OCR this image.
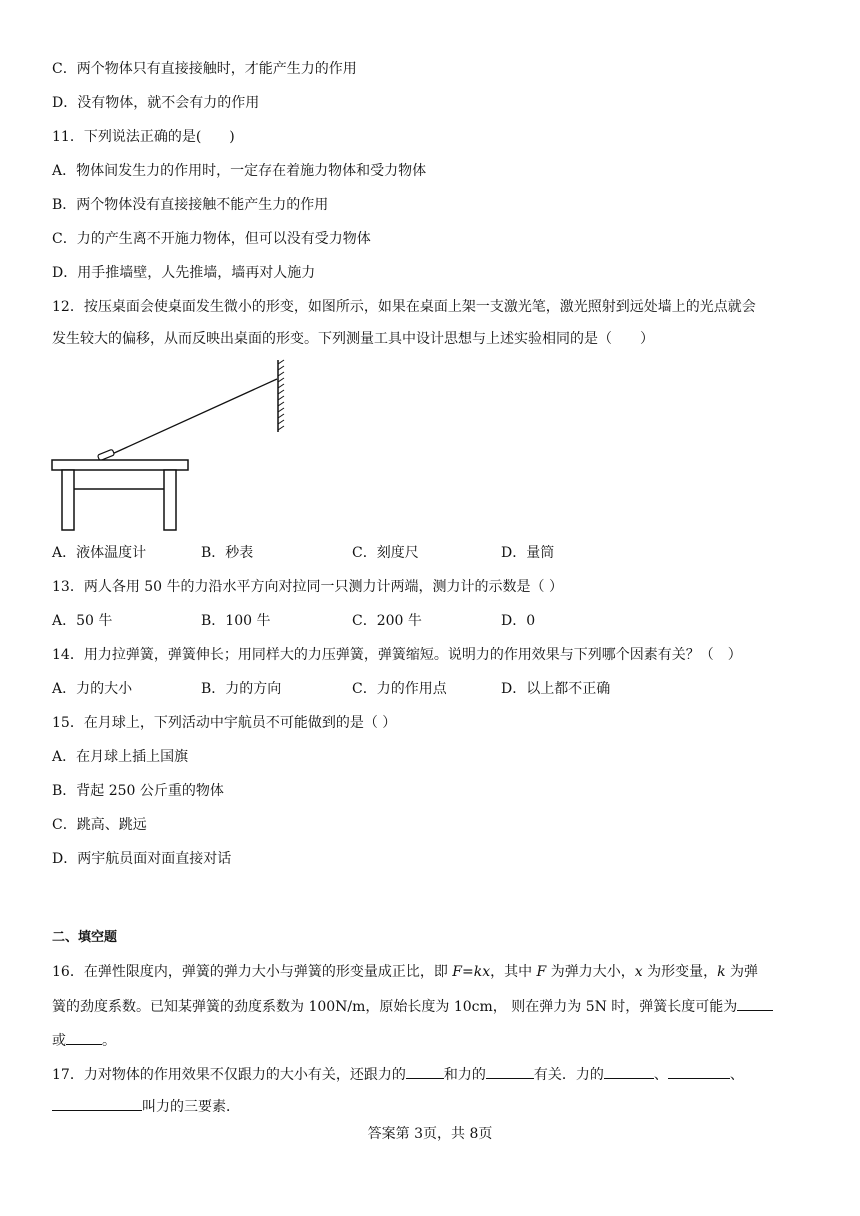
C．两个物体只有直接接触时，才能产生力的作用
D．没有物体，就不会有力的作用
11．下列说法正确的是(　　)
A．物体间发生力的作用时，一定存在着施力物体和受力物体
B．两个物体没有直接接触不能产生力的作用
C．力的产生离不开施力物体，但可以没有受力物体
D．用手推墙壁，人先推墙，墙再对人施力
12．按压桌面会使桌面发生微小的形变，如图所示，如果在桌面上架一支激光笔，激光照射到远处墙上的光点就会
发生较大的偏移，从而反映出桌面的形变。下列测量工具中设计思想与上述实验相同的是（　　）
A．液体温度计	B．秒表	C．刻度尺	D．量筒
13．两人各用 50 牛的力沿水平方向对拉同一只测力计两端，测力计的示数是（ ）
A．50 牛	B．100 牛	C．200 牛	D．0
14．用力拉弹簧，弹簧伸长；用同样大的力压弹簧，弹簧缩短。说明力的作用效果与下列哪个因素有关？（　）
A．力的大小	B．力的方向	C．力的作用点	D．以上都不正确
15．在月球上，下列活动中宇航员不可能做到的是（ ）
A．在月球上插上国旗
B．背起 250 公斤重的物体
C．跳高、跳远
D．两宇航员面对面直接对话
二、填空题
16．在弹性限度内，弹簧的弹力大小与弹簧的形变量成正比，即 F=kx，其中 F 为弹力大小，x 为形变量，k 为弹
簧的劲度系数。已知某弹簧的劲度系数为 100N/m，原始长度为 10cm， 则在弹力为 5N 时，弹簧长度可能为
或	。
17．力对物体的作用效果不仅跟力的大小有关，还跟力的	和力的	有关．力的	、	、
叫力的三要素．
答案第 3页，共 8页
